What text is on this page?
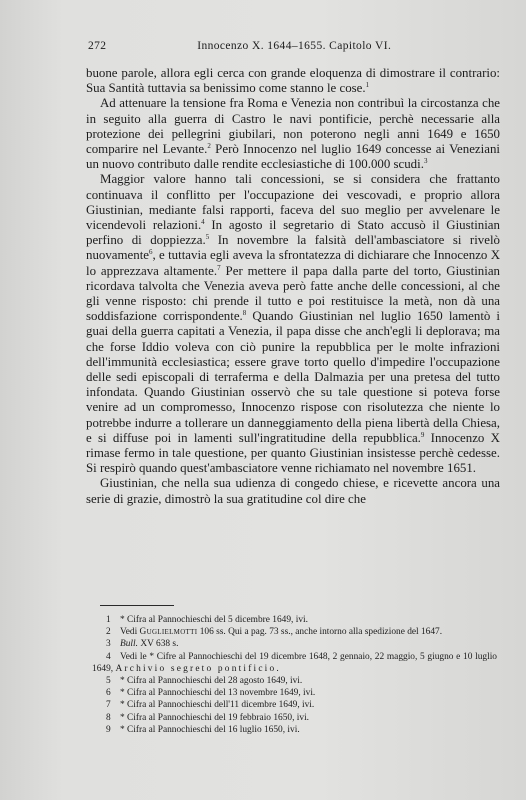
272	Innocenzo X. 1644–1655. Capitolo VI.

buone parole, allora egli cerca con grande eloquenza di dimostrare il contrario: Sua Santità tuttavia sa benissimo come stanno le cose.$^1$

Ad attenuare la tensione fra Roma e Venezia non contribuì la circostanza che in seguito alla guerra di Castro le navi pontificie, perchè necessarie alla protezione dei pellegrini giubilari, non poterono negli anni 1649 e 1650 comparire nel Levante.$^2$ Però Innocenzo nel luglio 1649 concesse ai Veneziani un nuovo contributo dalle rendite ecclesiastiche di 100.000 scudi.$^3$

Maggior valore hanno tali concessioni, se si considera che frattanto continuava il conflitto per l'occupazione dei vescovadi, e proprio allora Giustinian, mediante falsi rapporti, faceva del suo meglio per avvelenare le vicendevoli relazioni.$^4$ In agosto il segretario di Stato accusò il Giustinian perfino di doppiezza.$^5$ In novembre la falsità dell'ambasciatore si rivelò nuovamente$^6$, e tuttavia egli aveva la sfrontatezza di dichiarare che Innocenzo X lo apprezzava altamente.$^7$ Per mettere il papa dalla parte del torto, Giustinian ricordava talvolta che Venezia aveva però fatte anche delle concessioni, al che gli venne risposto: chi prende il tutto e poi restituisce la metà, non dà una soddisfazione corrispondente.$^8$ Quando Giustinian nel luglio 1650 lamentò i guai della guerra capitati a Venezia, il papa disse che anch'egli li deplorava; ma che forse Iddio voleva con ciò punire la repubblica per le molte infrazioni dell'immunità ecclesiastica; essere grave torto quello d'impedire l'occupazione delle sedi episcopali di terraferma e della Dalmazia per una pretesa del tutto infondata. Quando Giustinian osservò che su tale questione si poteva forse venire ad un compromesso, Innocenzo rispose con risolutezza che niente lo potrebbe indurre a tollerare un danneggiamento della piena libertà della Chiesa, e si diffuse poi in lamenti sull'ingratitudine della repubblica.$^9$ Innocenzo X rimase fermo in tale questione, per quanto Giustinian insistesse perchè cedesse. Si respirò quando quest'ambasciatore venne richiamato nel novembre 1651.

Giustinian, che nella sua udienza di congedo chiese, e ricevette ancora una serie di grazie, dimostrò la sua gratitudine col dire che

1 * Cifra al Pannochieschi del 5 dicembre 1649, ivi.

2 Vedi Guglielmotti 106 ss. Qui a pag. 73 ss., anche intorno alla spedizione del 1647.

3 Bull. XV 638 s.

4 Vedi le * Cifre al Pannochieschi del 19 dicembre 1648, 2 gennaio, 22 maggio, 5 giugno e 10 luglio 1649, Archivio segreto pontificio.

5 * Cifra al Pannochieschi del 28 agosto 1649, ivi.

6 * Cifra al Pannochieschi del 13 novembre 1649, ivi.

7 * Cifra al Pannochieschi dell'11 dicembre 1649, ivi.

8 * Cifra al Pannochieschi del 19 febbraio 1650, ivi.

9 * Cifra al Pannochieschi del 16 luglio 1650, ivi.
